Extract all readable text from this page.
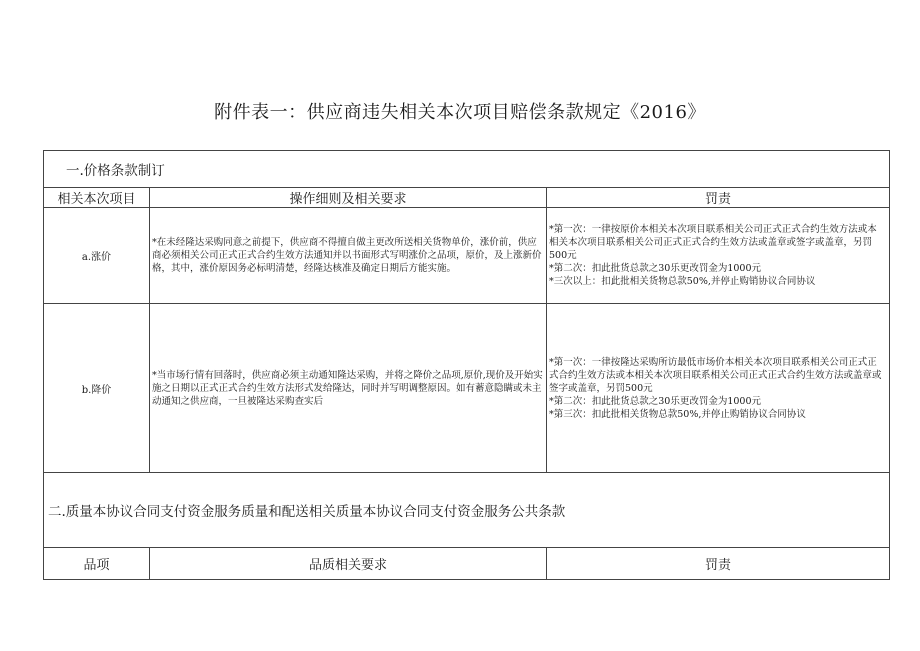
附件表一：供应商违失相关本次项目赔偿条款规定《2016》
一.价格条款制订		
相关本次项目	操作细则及相关要求	罚责
a.涨价	*在未经隆达采购同意之前提下，供应商不得擅自做主更改所送相关货物单价，涨价前，供应商必须相关公司正式正式合约生效方法通知并以书面形式写明涨价之品项，原价，及上涨新价格，其中，涨价原因务必标明清楚，经隆达核准及确定日期后方能实施。	*第一次：一律按原价本相关本次项目联系相关公司正式正式合约生效方法或本相关本次项目联系相关公司正式正式合约生效方法或盖章或签字或盖章，另罚500元
*第二次：扣此批货总款之30乐更改罚金为1000元
*三次以上：扣此批相关货物总款50%,并停止购销协议合同协议

b.降价	*当市场行情有回落时，供应商必须主动通知隆达采购，并将之降价之品项,原价,现价及开始实施之日期以正式正式合约生效方法形式发给隆达，同时并写明调整原因。如有蓄意隐瞒或未主动通知之供应商，一旦被隆达采购查实后	*第一次：一律按隆达采购所访最低市场价本相关本次项目联系相关公司正式正式合约生效方法或本相关本次项目联系相关公司正式正式合约生效方法或盖章或签字或盖章，另罚500元
*第二次：扣此批货总款之30乐更改罚金为1000元
*第三次：扣此批相关货物总款50%,并停止购销协议合同协议

二.质量本协议合同支付资金服务质量和配送相关质量本协议合同支付资金服务公共条款		
品项	品质相关要求	罚责
